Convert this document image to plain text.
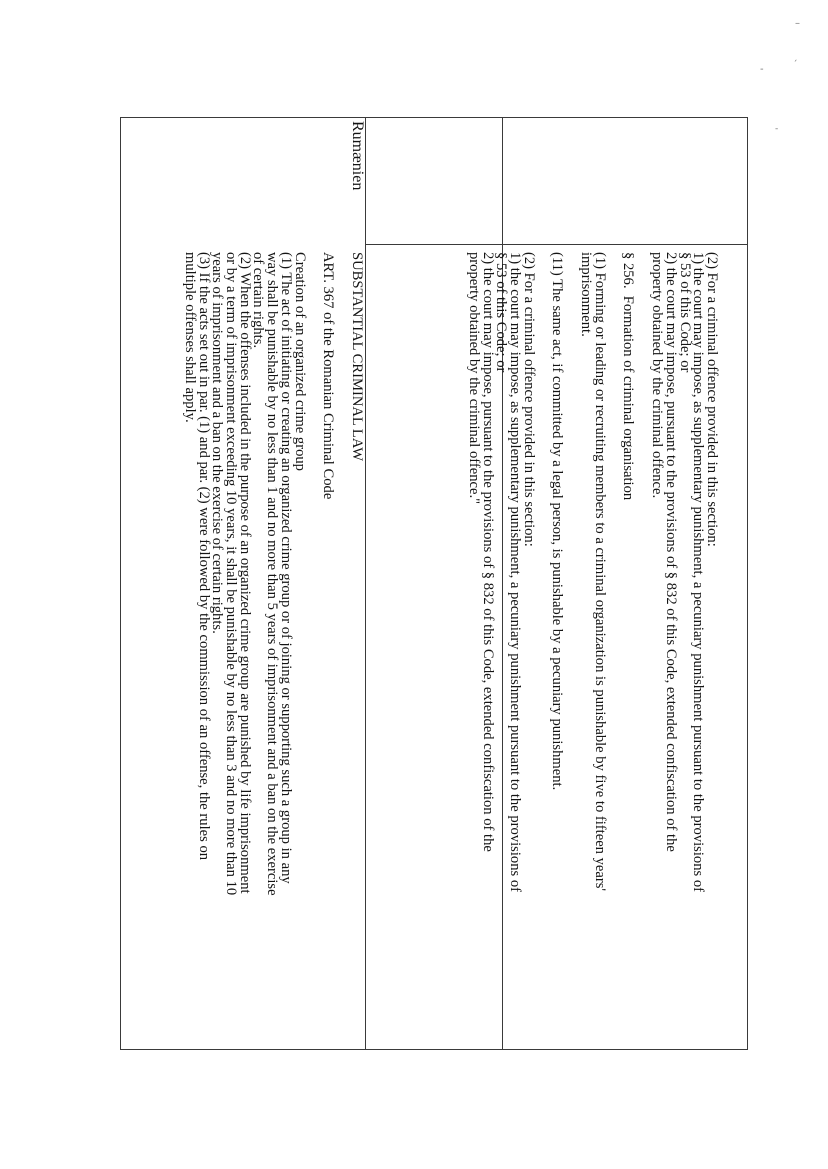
–
-	ˊ
-

(2) For a criminal offence provided in this section:

1) the court may impose, as supplementary punishment, a pecuniary punishment pursuant to the provisions of

§ 53 of this Code; or

2) the court may impose, pursuant to the provisions of § 832 of this Code, extended confiscation of the

property obtained by the criminal offence.

§ 256.  Formation of criminal organisation

(1) Forming or leading or recruiting members to a criminal organization is punishable by five to fifteen years'

imprisonment.

(11) The same act, if committed by a legal person, is punishable by a pecuniary punishment.

(2) For a criminal offence provided in this section:

1) the court may impose, as supplementary punishment, a pecuniary punishment pursuant to the provisions of

§ 53 of this Code; or

2) the court may impose, pursuant to the provisions of § 832 of this Code, extended confiscation of the

property obtained by the criminal offence."

Rumænien

SUBSTANTIAL CRIMINAL LAW

ART. 367 of the Romanian Criminal Code

Creation of an organized crime group

(1) The act of initiating or creating an organized crime group or of joining or supporting such a group in any

way shall be punishable by no less than 1 and no more than 5 years of imprisonment and a ban on the exercise

of certain rights.

(2) When the offenses included in the purpose of an organized crime group are punished by life imprisonment

or by a term of imprisonment exceeding 10 years, it shall be punishable by no less than 3 and no more than 10

years of imprisonment and a ban on the exercise of certain rights.

(3) If the acts set out in par. (1) and par. (2) were followed by the commission of an offense, the rules on

multiple offenses shall apply.
